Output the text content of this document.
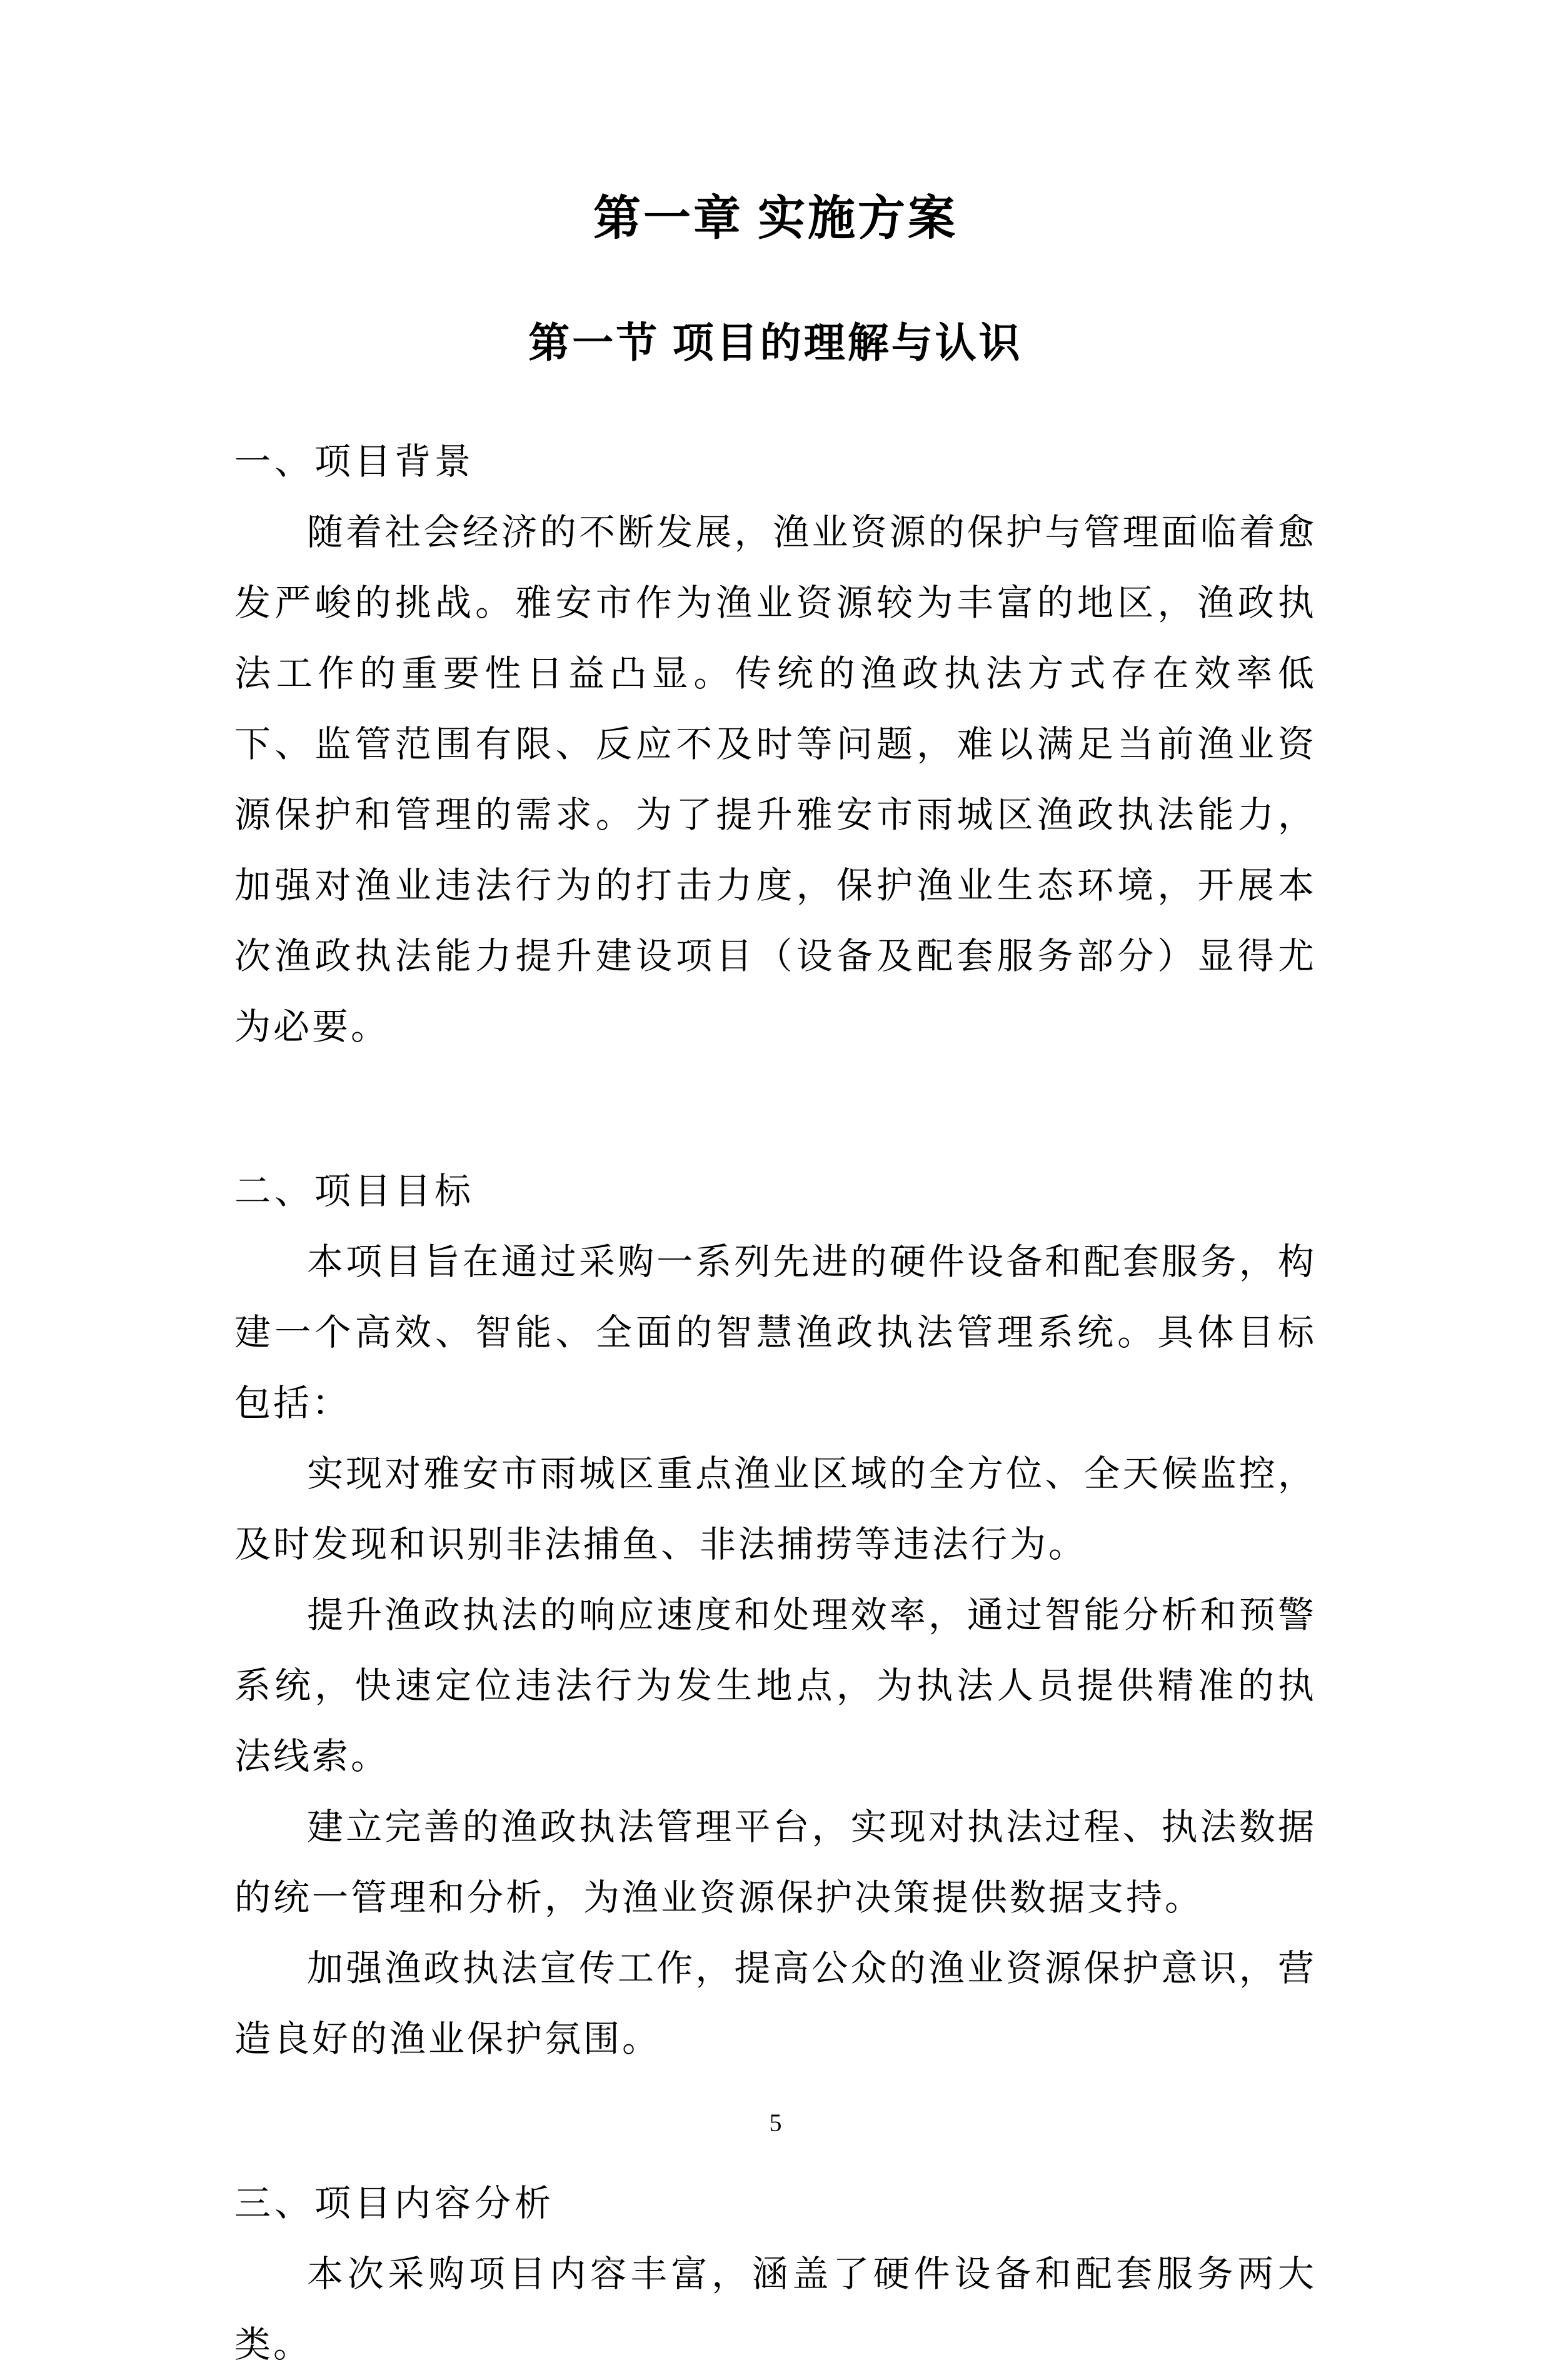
第一章 实施方案
第一节 项目的理解与认识
一、项目背景

随着社会经济的不断发展，渔业资源的保护与管理面临着愈发严峻的挑战。雅安市作为渔业资源较为丰富的地区，渔政执法工作的重要性日益凸显。传统的渔政执法方式存在效率低下、监管范围有限、反应不及时等问题，难以满足当前渔业资源保护和管理的需求。为了提升雅安市雨城区渔政执法能力，加强对渔业违法行为的打击力度，保护渔业生态环境，开展本次渔政执法能力提升建设项目（设备及配套服务部分）显得尤为必要。

二、项目目标

本项目旨在通过采购一系列先进的硬件设备和配套服务，构建一个高效、智能、全面的智慧渔政执法管理系统。具体目标包括：

实现对雅安市雨城区重点渔业区域的全方位、全天候监控，及时发现和识别非法捕鱼、非法捕捞等违法行为。

提升渔政执法的响应速度和处理效率，通过智能分析和预警系统，快速定位违法行为发生地点，为执法人员提供精准的执法线索。

建立完善的渔政执法管理平台，实现对执法过程、执法数据的统一管理和分析，为渔业资源保护决策提供数据支持。

加强渔政执法宣传工作，提高公众的渔业资源保护意识，营造良好的渔业保护氛围。

三、项目内容分析

本次采购项目内容丰富，涵盖了硬件设备和配套服务两大类。

5
